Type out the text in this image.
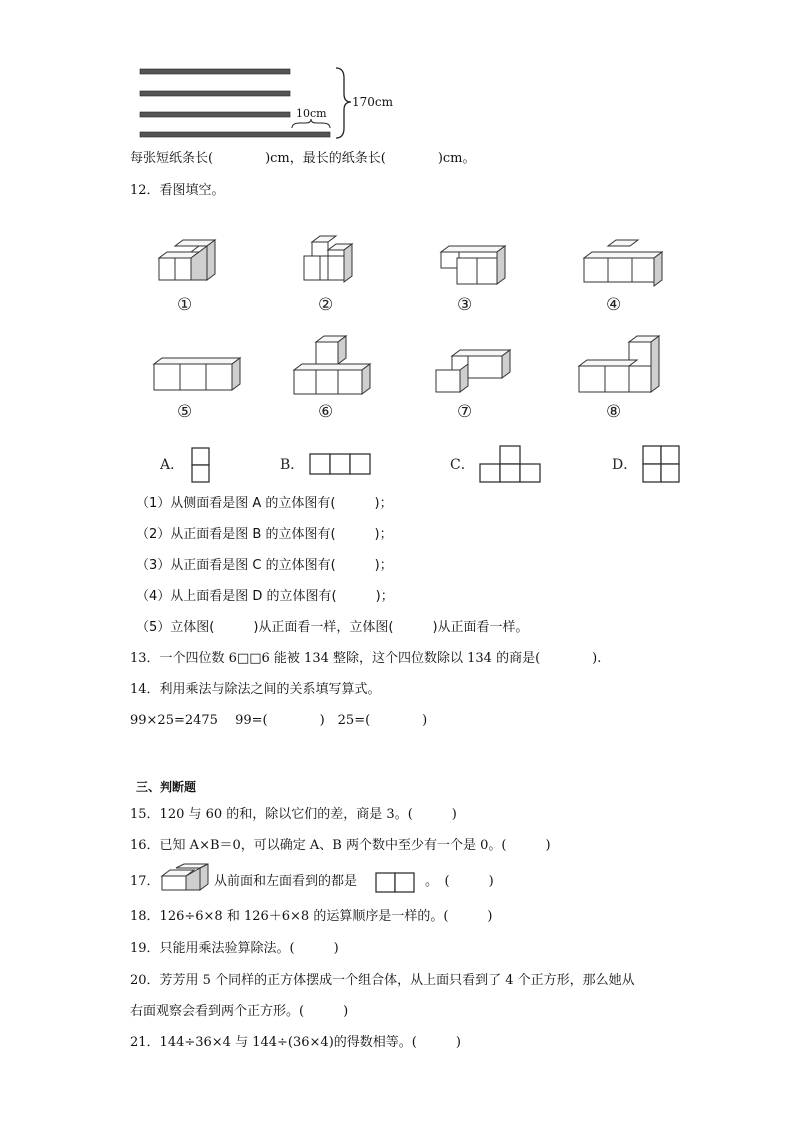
10cm
170cm
每张短纸条长(　　　　)cm，最长的纸条长(　　　　)cm。
12．看图填空。
①	②	③	④
⑤	⑥	⑦	⑧
A．	B．	C．	D．
（1）从侧面看是图 A 的立体图有(　　　)；
（2）从正面看是图 B 的立体图有(　　　)；
（3）从正面看是图 C 的立体图有(　　　)；
（4）从上面看是图 D 的立体图有(　　　)；
（5）立体图(　　　)从正面看一样，立体图(　　　)从正面看一样。
13．一个四位数 6□□6 能被 134 整除，这个四位数除以 134 的商是(　　　　).
14．利用乘法与除法之间的关系填写算式。
99×25=2475　 99=(　　　　)　25=(　　　　)
三、判断题
15．120 与 60 的和，除以它们的差，商是 3。(　　　)
16．已知 A×B＝0，可以确定 A、B 两个数中至少有一个是 0。(　　　)
17．	从前面和左面看到的都是	。　(　　　)
18．126÷6×8 和 126＋6×8 的运算顺序是一样的。(　　　)
19．只能用乘法验算除法。(　　　)
20．芳芳用 5 个同样的正方体摆成一个组合体，从上面只看到了 4 个正方形，那么她从
右面观察会看到两个正方形。(　　　)
21．144÷36×4 与 144÷(36×4)的得数相等。(　　　)
